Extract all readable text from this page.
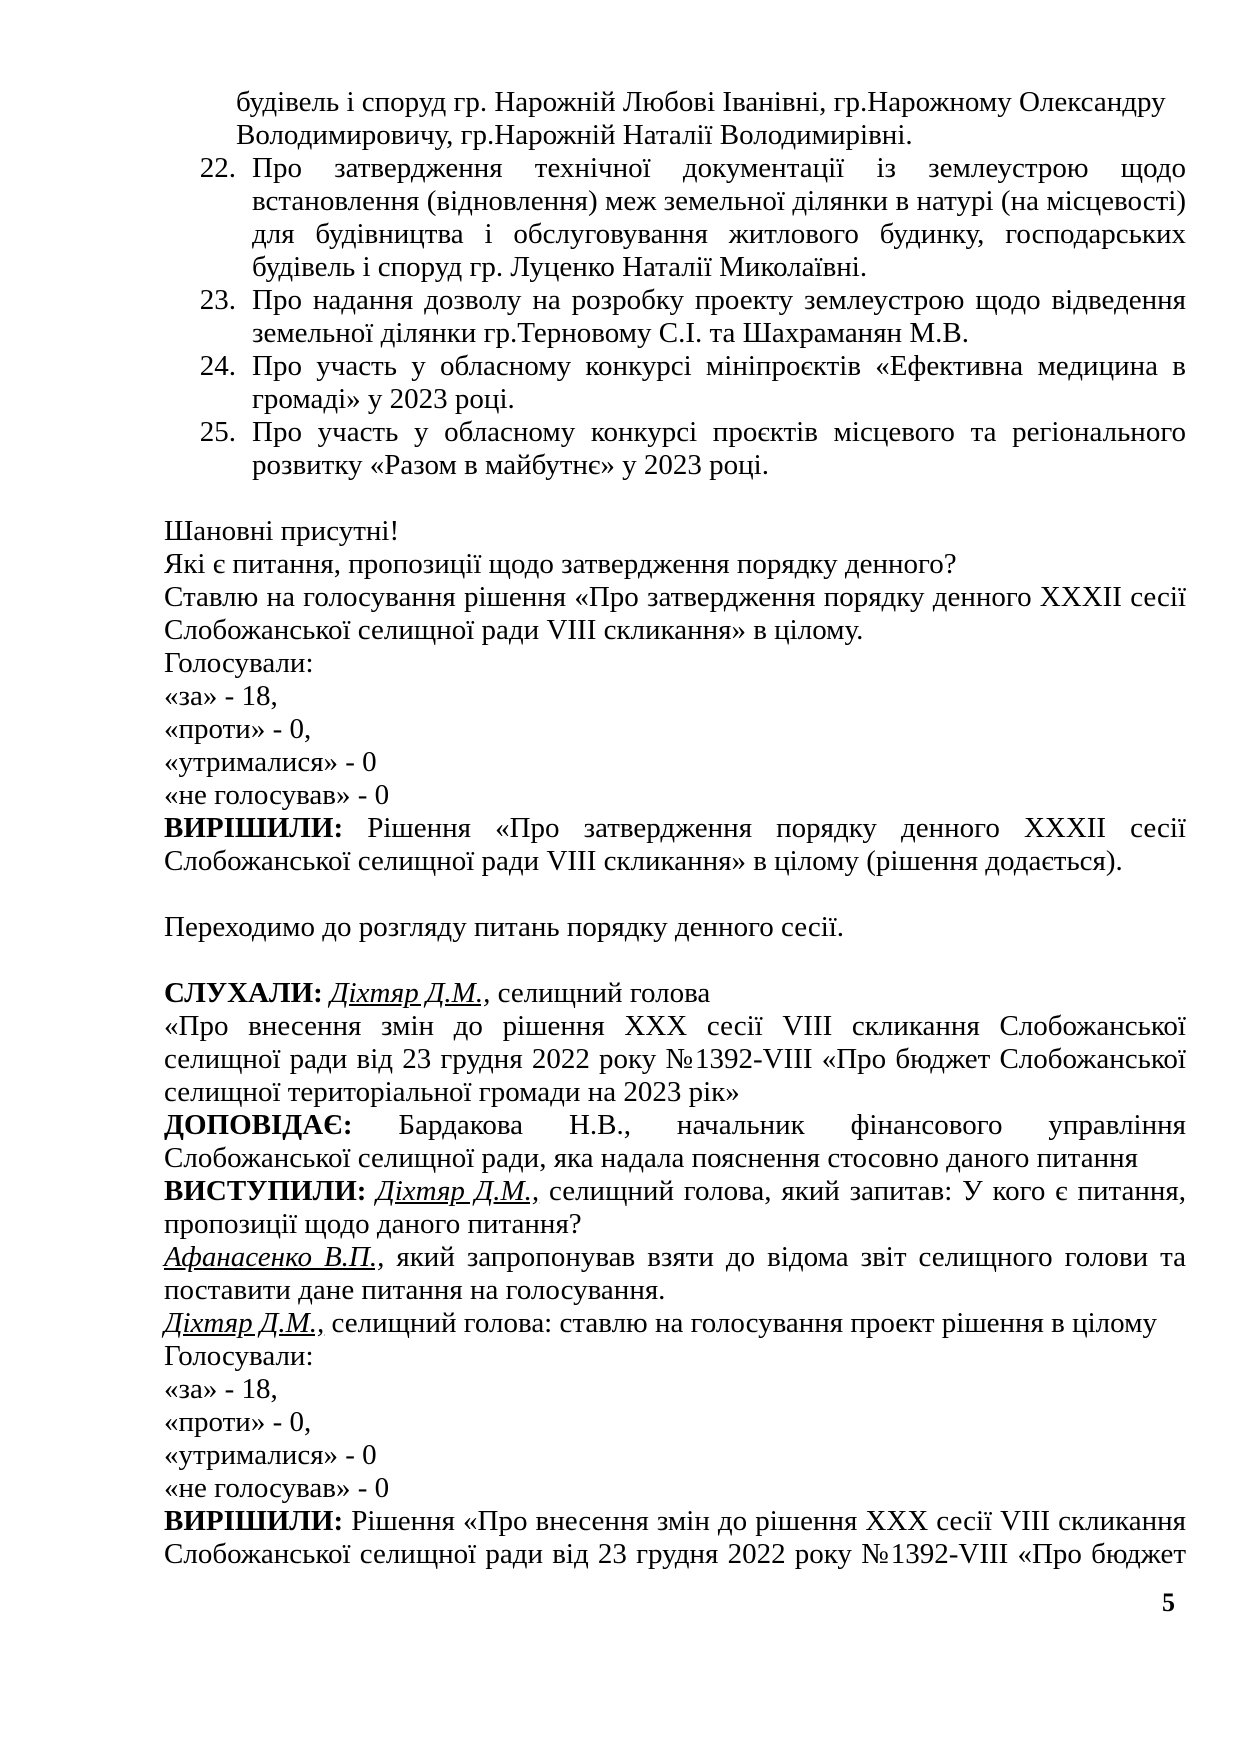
будівель і споруд гр. Нарожній Любові Іванівні, гр.Нарожному Олександру
Володимировичу, гр.Нарожній Наталії Володимирівні.

22. Про затвердження технічної документації із землеустрою щодо встановлення (відновлення) меж земельної ділянки в натурі (на місцевості) для будівництва і обслуговування житлового будинку, господарських будівель і споруд гр. Луценко Наталії Миколаївні.
23. Про надання дозволу на розробку проекту землеустрою щодо відведення земельної ділянки гр.Терновому С.І. та Шахраманян М.В.
24. Про участь у обласному конкурсі мініпроєктів «Ефективна медицина в громаді» у 2023 році.
25. Про участь у обласному конкурсі проєктів місцевого та регіонального розвитку «Разом в майбутнє» у 2023 році.

Шановні присутні!

Які є питання, пропозиції щодо затвердження порядку денного?

Ставлю на голосування рішення «Про затвердження порядку денного XXXII сесії Слобожанської селищної ради VIII скликання» в цілому.

Голосували:

«за» - 18,

«проти» - 0,

«утрималися» - 0

«не голосував» - 0

ВИРІШИЛИ: Рішення «Про затвердження порядку денного XXXII сесії Слобожанської селищної ради VIII скликання» в цілому (рішення додається).

Переходимо до розгляду питань порядку денного сесії.

СЛУХАЛИ: Діхтяр Д.М., селищний голова

«Про внесення змін до рішення XXX сесії VIII скликання Слобожанської селищної ради від 23 грудня 2022 року №1392-VIII «Про бюджет Слобожанської селищної територіальної громади на 2023 рік»

ДОПОВІДАЄ: Бардакова Н.В., начальник фінансового управління Слобожанської селищної ради, яка надала пояснення стосовно даного питання

ВИСТУПИЛИ: Діхтяр Д.М., селищний голова, який запитав: У кого є питання, пропозиції щодо даного питання?

Афанасенко В.П., який запропонував взяти до відома звіт селищного голови та поставити дане питання на голосування.

Діхтяр Д.М., селищний голова: ставлю на голосування проект рішення в цілому

Голосували:

«за» - 18,

«проти» - 0,

«утрималися» - 0

«не голосував» - 0

ВИРІШИЛИ: Рішення «Про внесення змін до рішення XXX сесії VIII скликання Слобожанської селищної ради від 23 грудня 2022 року №1392-VIII «Про бюджет

5
